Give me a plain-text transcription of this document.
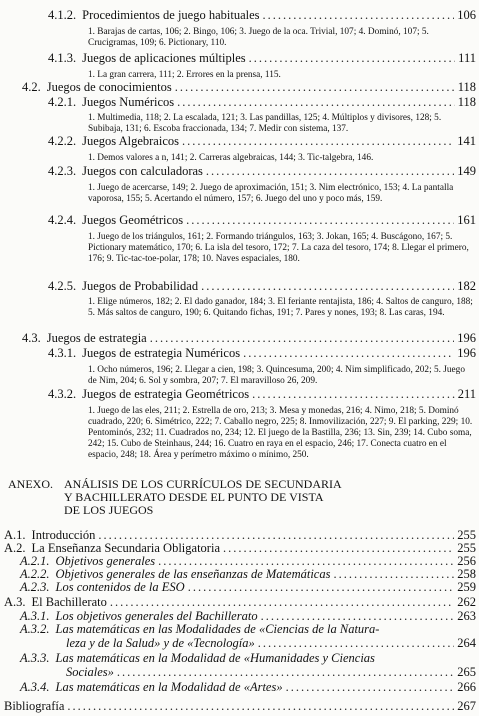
4.1.2. Procedimientos de juego habituales .....	106
1. Barajas de cartas, 106; 2. Bingo, 106; 3. Juego de la oca. Trivial, 107; 4. Dominó, 107; 5. Crucigramas, 109; 6. Pictionary, 110.
4.1.3. Juegos de aplicaciones múltiples .....	111
1. La gran carrera, 111; 2. Errores en la prensa, 115.
4.2. Juegos de conocimientos .....	118
4.2.1. Juegos Numéricos .....	118
1. Multimedia, 118; 2. La escalada, 121; 3. Las pandillas, 125; 4. Múltiplos y divisores, 128; 5. Subibaja, 131; 6. Escoba fraccionada, 134; 7. Medir con sistema, 137.
4.2.2. Juegos Algebraicos .....	141
1. Demos valores a n, 141; 2. Carreras algebraicas, 144; 3. Tic-talgebra, 146.
4.2.3. Juegos con calculadoras .....	149
1. Juego de acercarse, 149; 2. Juego de aproximación, 151; 3. Nim electrónico, 153; 4. La pantalla vaporosa, 155; 5. Acertando el número, 157; 6. Juego del uno y poco más, 159.
4.2.4. Juegos Geométricos .....	161
1. Juego de los triángulos, 161; 2. Formando triángulos, 163; 3. Jokan, 165; 4. Buscágono, 167; 5. Pictionary matemático, 170; 6. La isla del tesoro, 172; 7. La caza del tesoro, 174; 8. Llegar el primero, 176; 9. Tic-tac-toe-polar, 178; 10. Naves espaciales, 180.
4.2.5. Juegos de Probabilidad .....	182
1. Elige números, 182; 2. El dado ganador, 184; 3. El feriante rentajista, 186; 4. Saltos de canguro, 188; 5. Más saltos de canguro, 190; 6. Quitando fichas, 191; 7. Pares y nones, 193; 8. Las caras, 194.
4.3. Juegos de estrategia .....	196
4.3.1. Juegos de estrategia Numéricos .....	196
1. Ocho números, 196; 2. Llegar a cien, 198; 3. Quincesuma, 200; 4. Nim simplificado, 202; 5. Juego de Nim, 204; 6. Sol y sombra, 207; 7. El maravilloso 26, 209.
4.3.2. Juegos de estrategia Geométricos .....	211
1. Juego de las eles, 211; 2. Estrella de oro, 213; 3. Mesa y monedas, 216; 4. Nimo, 218; 5. Dominó cuadrado, 220; 6. Simétrico, 222; 7. Caballo negro, 225; 8. Inmovilización, 227; 9. El parking, 229; 10. Pentominós, 232; 11. Cuadrados no, 234; 12. El juego de la Bastilla, 236; 13. Sin, 239; 14. Cubo soma, 242; 15. Cubo de Steinhaus, 244; 16. Cuatro en raya en el espacio, 246; 17. Conecta cuatro en el espacio, 248; 18. Área y perímetro máximo o mínimo, 250.
ANEXO. ANÁLISIS DE LOS CURRÍCULOS DE SECUNDARIA
Y BACHILLERATO DESDE EL PUNTO DE VISTA
DE LOS JUEGOS
A.1. Introducción .....	255
A.2. La Enseñanza Secundaria Obligatoria .....	255
A.2.1. Objetivos generales .....	256
A.2.2. Objetivos generales de las enseñanzas de Matemáticas .....	258
A.2.3. Los contenidos de la ESO .....	259
A.3. El Bachillerato .....	262
A.3.1. Los objetivos generales del Bachillerato .....	263
A.3.2. Las matemáticas en las Modalidades de «Ciencias de la Natura-
leza y de la Salud» y de «Tecnología» .....	264
A.3.3. Las matemáticas en la Modalidad de «Humanidades y Ciencias
Sociales» .....	265
A.3.4. Las matemáticas en la Modalidad de «Artes» .....	266
Bibliografía .....	267
